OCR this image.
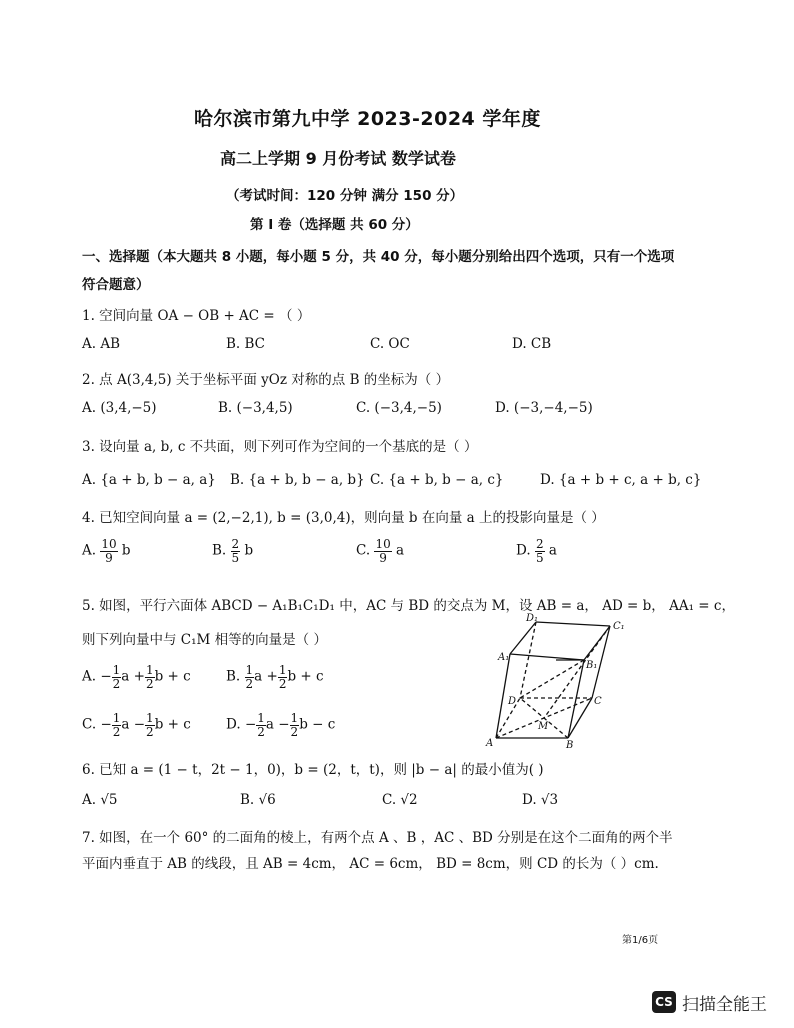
哈尔滨市第九中学 2023-2024 学年度
高二上学期 9 月份考试 数学试卷
（考试时间：120 分钟 满分 150 分）
第 I 卷（选择题 共 60 分）
一、选择题（本大题共 8 小题，每小题 5 分，共 40 分，每小题分别给出四个选项，只有一个选项
符合题意）
1. 空间向量 OA − OB + AC = （ ）
A. AB	B. BC	C. OC	D. CB
2. 点 A(3,4,5) 关于坐标平面 yOz 对称的点 B 的坐标为（ ）
A. (3,4,−5)	B. (−3,4,5)	C. (−3,4,−5)	D. (−3,−4,−5)
3. 设向量 a, b, c 不共面，则下列可作为空间的一个基底的是（ ）
A. {a + b, b − a, a} B. {a + b, b − a, b} C. {a + b, b − a, c}	D. {a + b + c, a + b, c}
4. 已知空间向量 a = (2,−2,1), b = (3,0,4)，则向量 b 在向量 a 上的投影向量是（ ）
A. $\frac{10}{9}$ b	B. $\frac{2}{5}$ b	C. $\frac{10}{9}$ a	D. $\frac{2}{5}$ a
5. 如图，平行六面体 ABCD − A₁B₁C₁D₁ 中，AC 与 BD 的交点为 M，设 AB = a， AD = b， AA₁ = c，
则下列向量中与 C₁M 相等的向量是（ ）
A. − $\frac{1}{2}$ $a + \frac{1}{2}$ b + c	B. $\frac{1}{2}$ $a + \frac{1}{2}$ b + c
C. − $\frac{1}{2}$ $a - \frac{1}{2}$ b + c	D. − $\frac{1}{2}$ $a - \frac{1}{2}$ b − c
D₁
C₁
A₁
B₁
D	C
M
A	B
6. 已知 a = (1 − t，2t − 1，0)，b = (2，t，t)，则 |b − a| 的最小值为( )
A. √5	B. √6	C. √2	D. √3
7. 如图，在一个 60° 的二面角的棱上，有两个点 A 、B ，AC 、BD 分别是在这个二面角的两个半
平面内垂直于 AB 的线段，且 AB = 4cm， AC = 6cm， BD = 8cm，则 CD 的长为（ ）cm.
第1/6页
CS 扫描全能王
